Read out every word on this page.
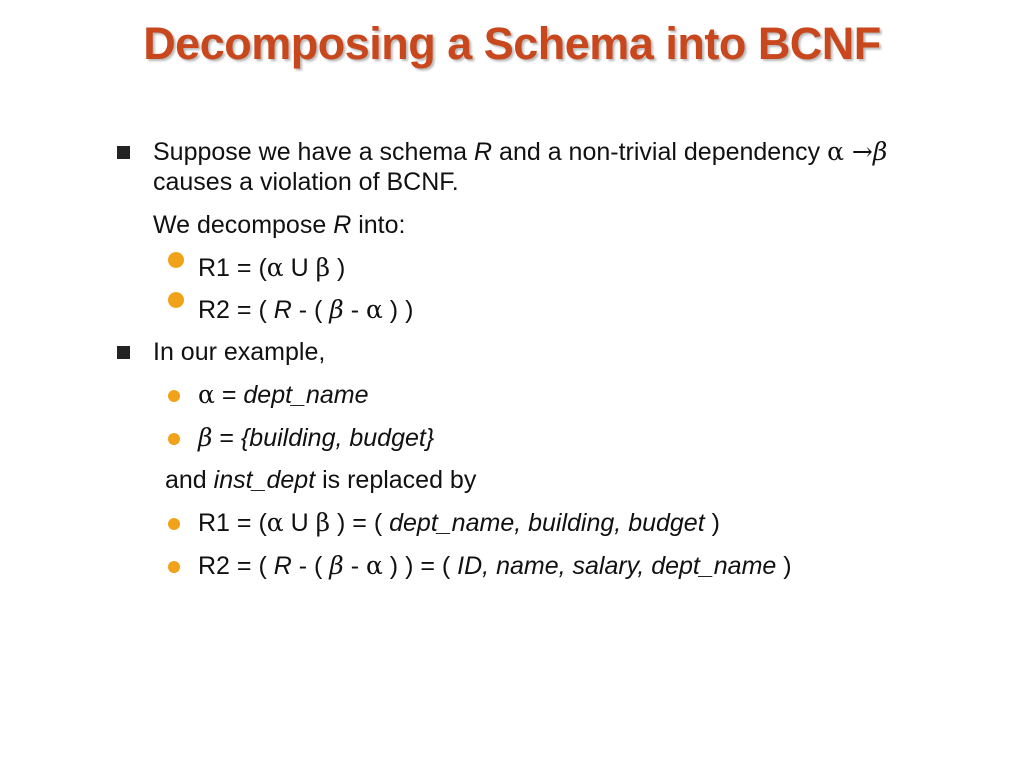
Decomposing a Schema into BCNF
Suppose we have a schema R and a non-trivial dependency α →β
causes a violation of BCNF.
We decompose R into:
R1 = (α U β )
R2 = ( R - ( β - α ) )
In our example,
α = dept_name
β = {building, budget}
and inst_dept is replaced by
R1 = (α U β ) = ( dept_name, building, budget )
R2 = ( R - ( β - α ) ) = ( ID, name, salary, dept_name )
